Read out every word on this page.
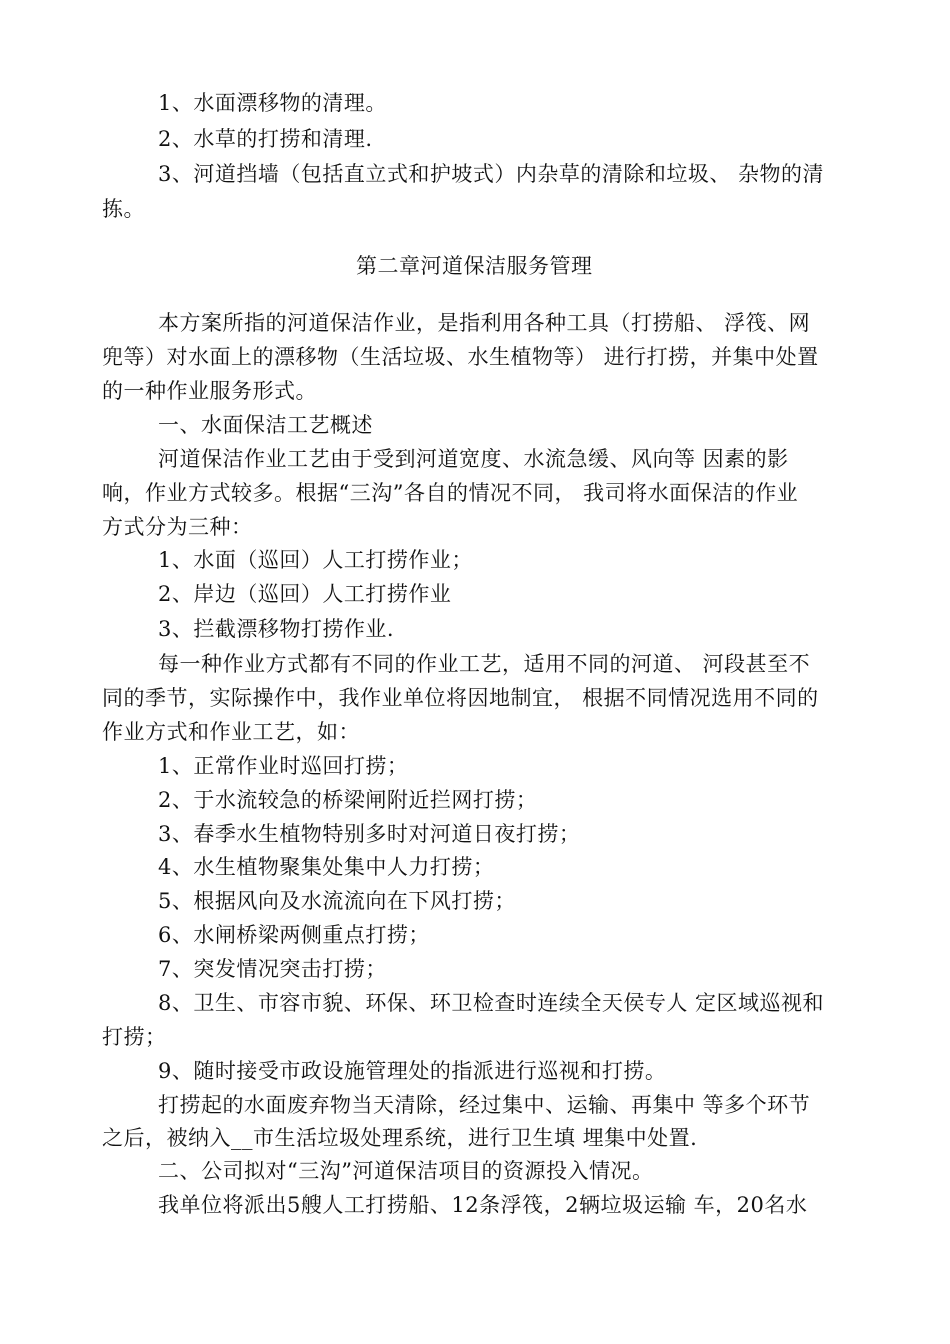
1、水面漂移物的清理。
2、水草的打捞和清理.
3、河道挡墙（包括直立式和护坡式）内杂草的清除和垃圾、 杂物的清
拣。
第二章河道保洁服务管理
本方案所指的河道保洁作业，是指利用各种工具（打捞船、 浮筏、网
兜等）对水面上的漂移物（生活垃圾、水生植物等） 进行打捞，并集中处置
的一种作业服务形式。
一、水面保洁工艺概述
河道保洁作业工艺由于受到河道宽度、水流急缓、风向等 因素的影
响，作业方式较多。根据“三沟”各自的情况不同， 我司将水面保洁的作业
方式分为三种：
1、水面（巡回）人工打捞作业；
2、岸边（巡回）人工打捞作业
3、拦截漂移物打捞作业.
每一种作业方式都有不同的作业工艺，适用不同的河道、 河段甚至不
同的季节，实际操作中，我作业单位将因地制宜， 根据不同情况选用不同的
作业方式和作业工艺，如：
1、正常作业时巡回打捞；
2、于水流较急的桥梁闸附近拦网打捞；
3、春季水生植物特别多时对河道日夜打捞；
4、水生植物聚集处集中人力打捞；
5、根据风向及水流流向在下风打捞；
6、水闸桥梁两侧重点打捞；
7、突发情况突击打捞；
8、卫生、市容市貌、环保、环卫检查时连续全天侯专人 定区域巡视和
打捞；
9、随时接受市政设施管理处的指派进行巡视和打捞。
打捞起的水面废弃物当天清除，经过集中、运输、再集中 等多个环节
之后，被纳入__市生活垃圾处理系统，进行卫生填 埋集中处置.
二、公司拟对“三沟”河道保洁项目的资源投入情况。
我单位将派出5艘人工打捞船、12条浮筏，2辆垃圾运输 车，20名水
